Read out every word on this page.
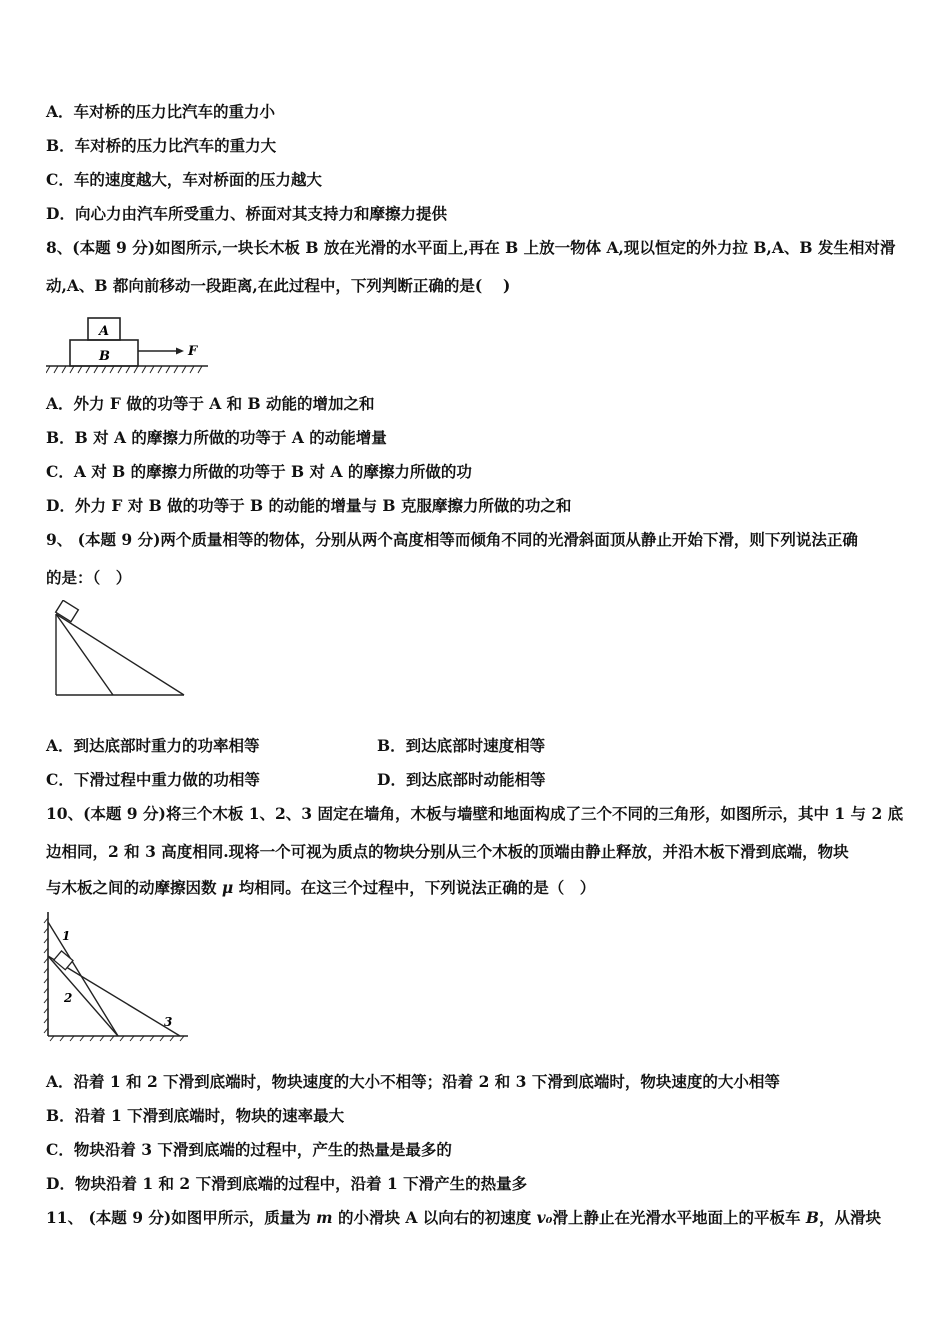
A．车对桥的压力比汽车的重力小
B．车对桥的压力比汽车的重力大
C．车的速度越大，车对桥面的压力越大
D．向心力由汽车所受重力、桥面对其支持力和摩擦力提供
8、(本题 9 分)如图所示,一块长木板 B 放在光滑的水平面上,再在 B 上放一物体 A,现以恒定的外力拉 B,A、B 发生相对滑
动,A、B 都向前移动一段距离,在此过程中，下列判断正确的是(　 )
A
B	F
A．外力 F 做的功等于 A 和 B 动能的增加之和
B．B 对 A 的摩擦力所做的功等于 A 的动能增量
C．A 对 B 的摩擦力所做的功等于 B 对 A 的摩擦力所做的功
D．外力 F 对 B 做的功等于 B 的动能的增量与 B 克服摩擦力所做的功之和
9、 (本题 9 分)两个质量相等的物体，分别从两个高度相等而倾角不同的光滑斜面顶从静止开始下滑，则下列说法正确
的是：（　）
A．到达底部时重力的功率相等	B．到达底部时速度相等
C．下滑过程中重力做的功相等	D．到达底部时动能相等
10、(本题 9 分)将三个木板 1、2、3 固定在墙角，木板与墙壁和地面构成了三个不同的三角形，如图所示，其中 1 与 2 底
边相同，2 和 3 高度相同.现将一个可视为质点的物块分别从三个木板的顶端由静止释放，并沿木板下滑到底端，物块
与木板之间的动摩擦因数 μ 均相同。在这三个过程中，下列说法正确的是（　）
1
2
3
A．沿着 1 和 2 下滑到底端时，物块速度的大小不相等；沿着 2 和 3 下滑到底端时，物块速度的大小相等
B．沿着 1 下滑到底端时，物块的速率最大
C．物块沿着 3 下滑到底端的过程中，产生的热量是最多的
D．物块沿着 1 和 2 下滑到底端的过程中，沿着 1 下滑产生的热量多
11、 (本题 9 分)如图甲所示，质量为 m 的小滑块 A 以向右的初速度 v₀滑上静止在光滑水平地面上的平板车 B，从滑块
